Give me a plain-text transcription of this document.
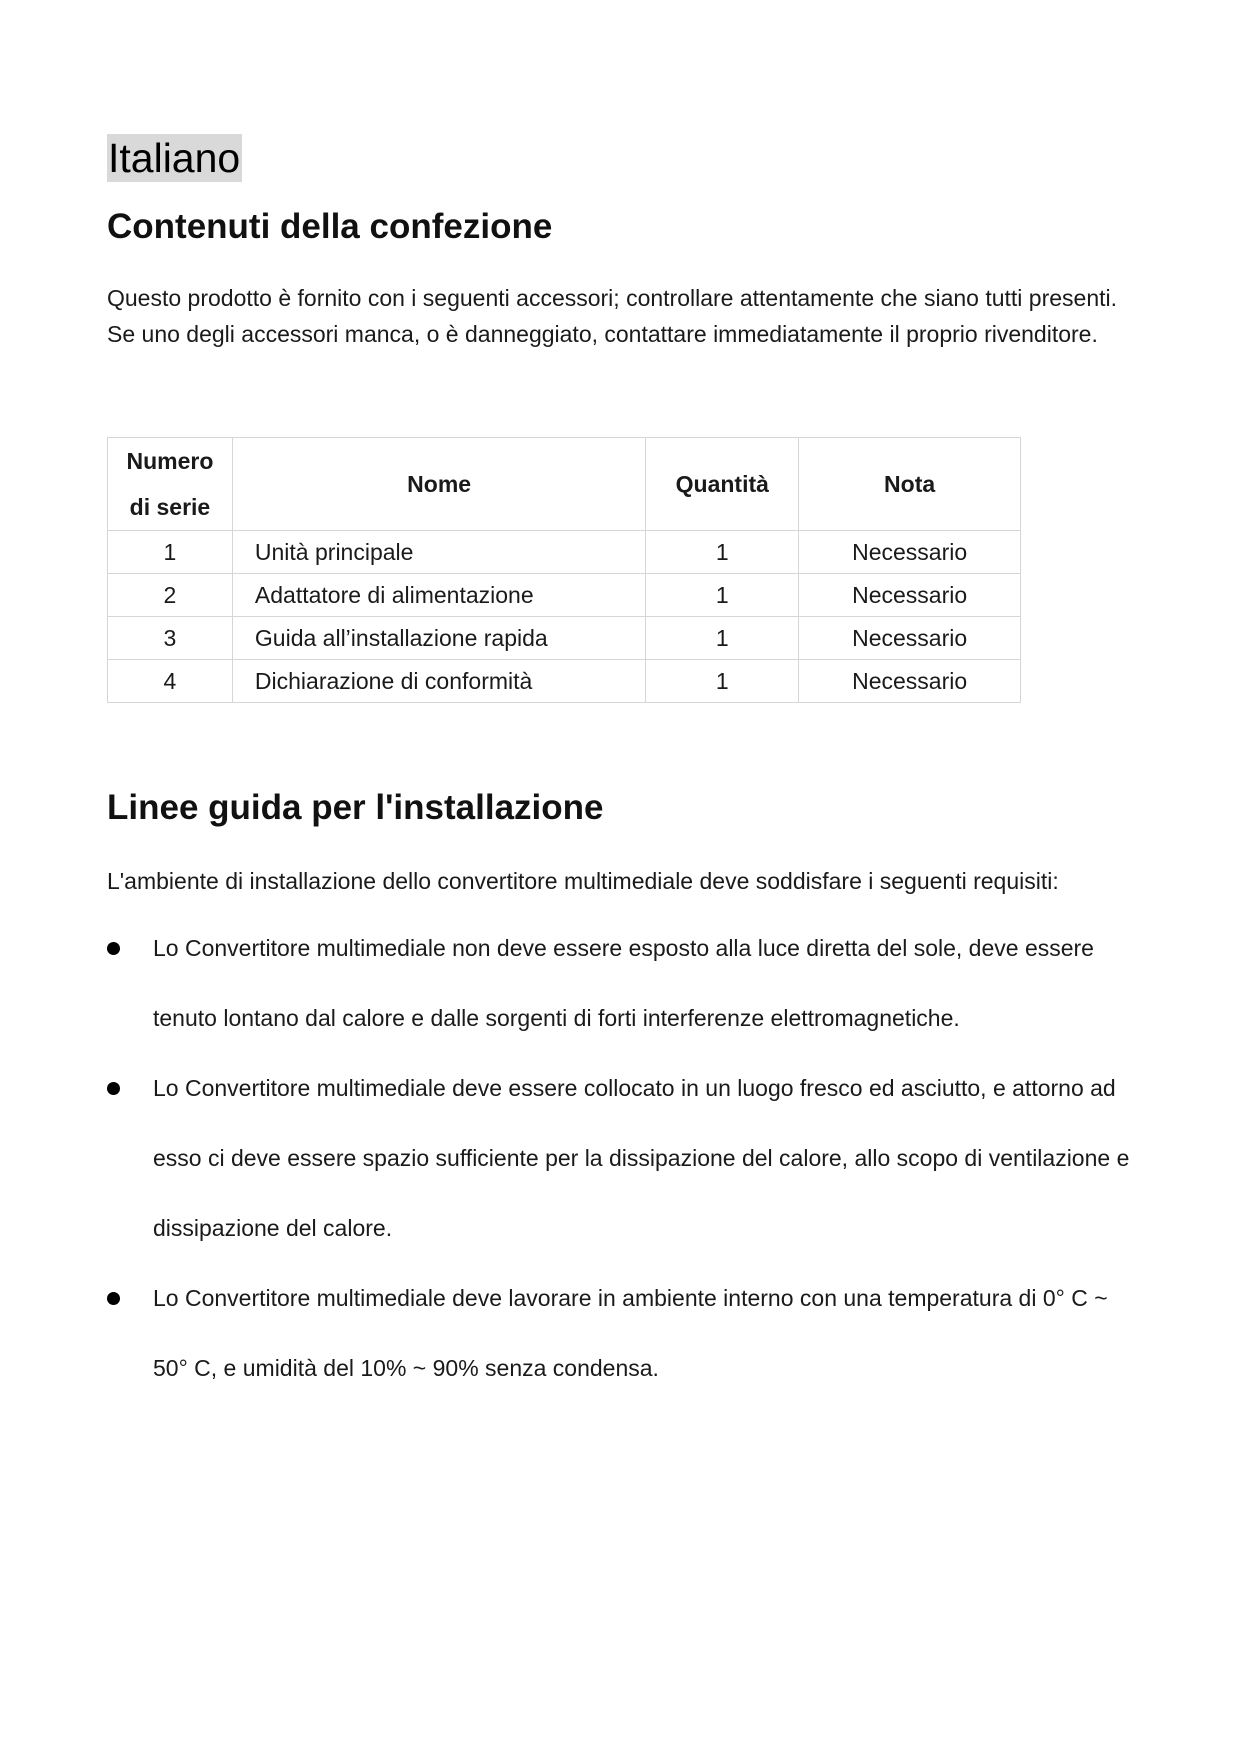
Italiano
Contenuti della confezione

Questo prodotto è fornito con i seguenti accessori; controllare attentamente che siano tutti presenti. Se uno degli accessori manca, o è danneggiato, contattare immediatamente il proprio rivenditore.

Numero
di serie	Nome	Quantità	Nota
1	Unità principale	1	Necessario
2	Adattatore di alimentazione	1	Necessario
3	Guida all’installazione rapida	1	Necessario
4	Dichiarazione di conformità	1	Necessario
Linee guida per l'installazione

L'ambiente di installazione dello convertitore multimediale deve soddisfare i seguenti requisiti:

Lo Convertitore multimediale non deve essere esposto alla luce diretta del sole, deve essere tenuto lontano dal calore e dalle sorgenti di forti interferenze elettromagnetiche.
Lo Convertitore multimediale deve essere collocato in un luogo fresco ed asciutto, e attorno ad esso ci deve essere spazio sufficiente per la dissipazione del calore, allo scopo di ventilazione e dissipazione del calore.
Lo Convertitore multimediale deve lavorare in ambiente interno con una temperatura di 0° C ~ 50° C, e umidità del 10% ~ 90% senza condensa.
